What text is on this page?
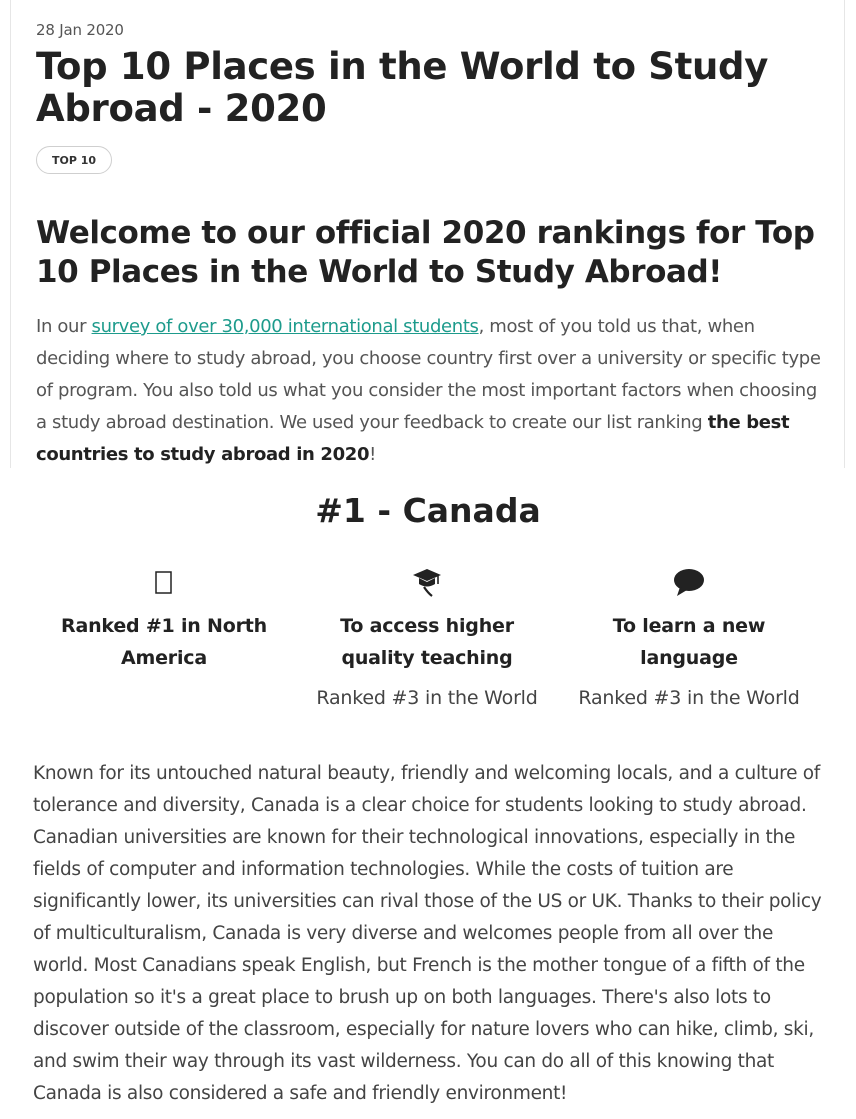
28 Jan 2020
Top 10 Places in the World to Study Abroad - 2020
TOP 10
Welcome to our official 2020 rankings for Top 10 Places in the World to Study Abroad!

In our survey of over 30,000 international students, most of you told us that, when deciding where to study abroad, you choose country first over a university or specific type of program. You also told us what you consider the most important factors when choosing a study abroad destination. We used your feedback to create our list ranking the best countries to study abroad in 2020!

#1 - Canada
Ranked #1 in North America
To access higher quality teaching
Ranked #3 in the World
To learn a new language
Ranked #3 in the World

Known for its untouched natural beauty, friendly and welcoming locals, and a culture of tolerance and diversity, Canada is a clear choice for students looking to study abroad. Canadian universities are known for their technological innovations, especially in the fields of computer and information technologies. While the costs of tuition are significantly lower, its universities can rival those of the US or UK. Thanks to their policy of multiculturalism, Canada is very diverse and welcomes people from all over the world. Most Canadians speak English, but French is the mother tongue of a fifth of the population so it's a great place to brush up on both languages. There's also lots to discover outside of the classroom, especially for nature lovers who can hike, climb, ski, and swim their way through its vast wilderness. You can do all of this knowing that Canada is also considered a safe and friendly environment!
